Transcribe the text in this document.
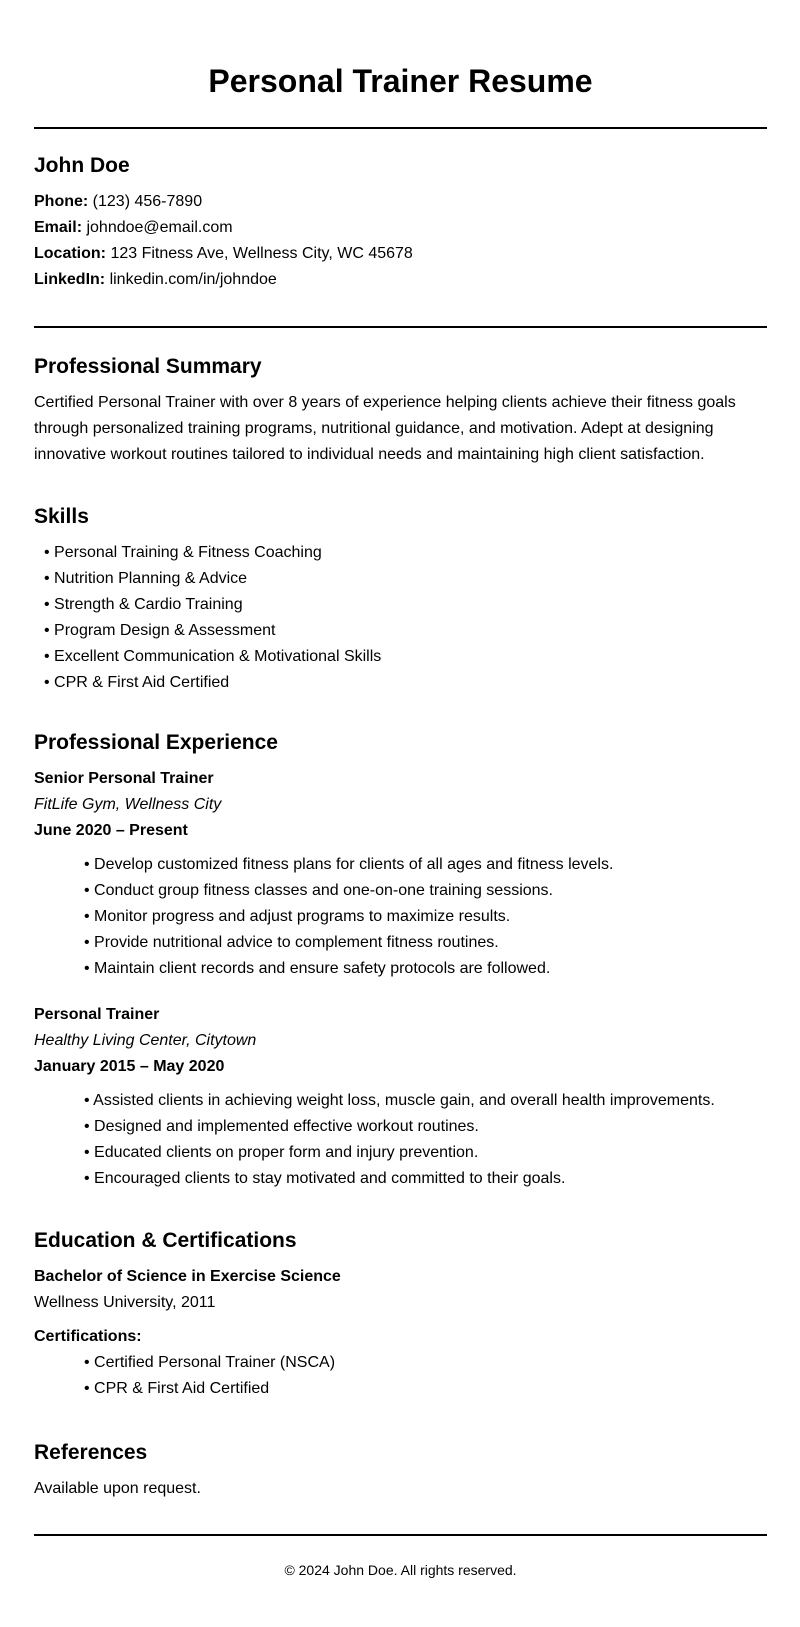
Personal Trainer Resume
John Doe

Phone: (123) 456-7890

Email: johndoe@email.com

Location: 123 Fitness Ave, Wellness City, WC 45678

LinkedIn: linkedin.com/in/johndoe

Professional Summary

Certified Personal Trainer with over 8 years of experience helping clients achieve their fitness goals through personalized training programs, nutritional guidance, and motivation. Adept at designing innovative workout routines tailored to individual needs and maintaining high client satisfaction.

Skills
• Personal Training & Fitness Coaching
• Nutrition Planning & Advice
• Strength & Cardio Training
• Program Design & Assessment
• Excellent Communication & Motivational Skills
• CPR & First Aid Certified
Professional Experience
Senior Personal Trainer
FitLife Gym, Wellness City
June 2020 – Present
• Develop customized fitness plans for clients of all ages and fitness levels.
• Conduct group fitness classes and one-on-one training sessions.
• Monitor progress and adjust programs to maximize results.
• Provide nutritional advice to complement fitness routines.
• Maintain client records and ensure safety protocols are followed.
Personal Trainer
Healthy Living Center, Citytown
January 2015 – May 2020
• Assisted clients in achieving weight loss, muscle gain, and overall health improvements.
• Designed and implemented effective workout routines.
• Educated clients on proper form and injury prevention.
• Encouraged clients to stay motivated and committed to their goals.
Education & Certifications
Bachelor of Science in Exercise Science
Wellness University, 2011
Certifications:
• Certified Personal Trainer (NSCA)
• CPR & First Aid Certified
References

Available upon request.

© 2024 John Doe. All rights reserved.
